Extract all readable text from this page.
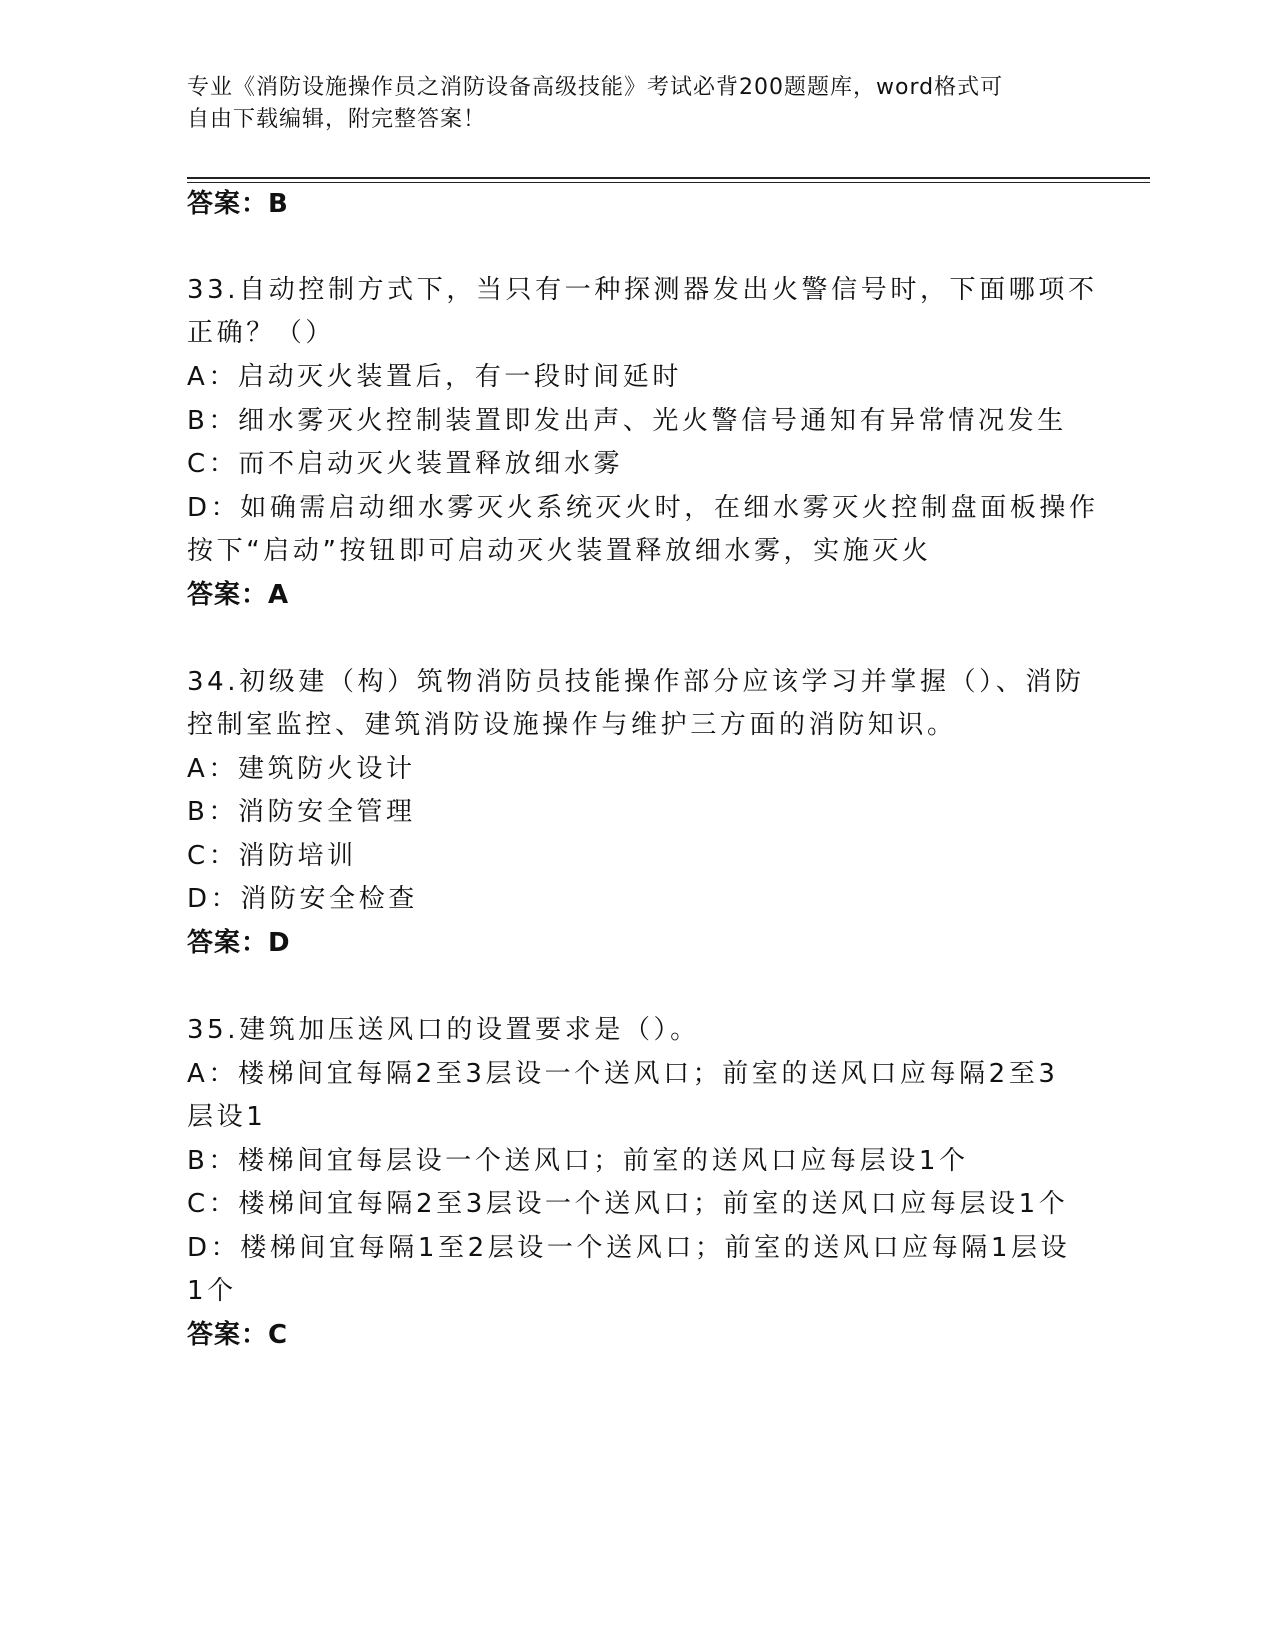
专业《消防设施操作员之消防设备高级技能》考试必背200题题库，word格式可
自由下载编辑，附完整答案！
答案：B
33.自动控制方式下，当只有一种探测器发出火警信号时，下面哪项不
正确？（）
A：启动灭火装置后，有一段时间延时
B：细水雾灭火控制装置即发出声、光火警信号通知有异常情况发生
C：而不启动灭火装置释放细水雾
D：如确需启动细水雾灭火系统灭火时，在细水雾灭火控制盘面板操作
按下“启动”按钮即可启动灭火装置释放细水雾，实施灭火
答案：A
34.初级建（构）筑物消防员技能操作部分应该学习并掌握（）、消防
控制室监控、建筑消防设施操作与维护三方面的消防知识。
A：建筑防火设计
B：消防安全管理
C：消防培训
D：消防安全检查
答案：D
35.建筑加压送风口的设置要求是（）。
A：楼梯间宜每隔2至3层设一个送风口；前室的送风口应每隔2至3
层设1
B：楼梯间宜每层设一个送风口；前室的送风口应每层设1个
C：楼梯间宜每隔2至3层设一个送风口；前室的送风口应每层设1个
D：楼梯间宜每隔1至2层设一个送风口；前室的送风口应每隔1层设
1个
答案：C
